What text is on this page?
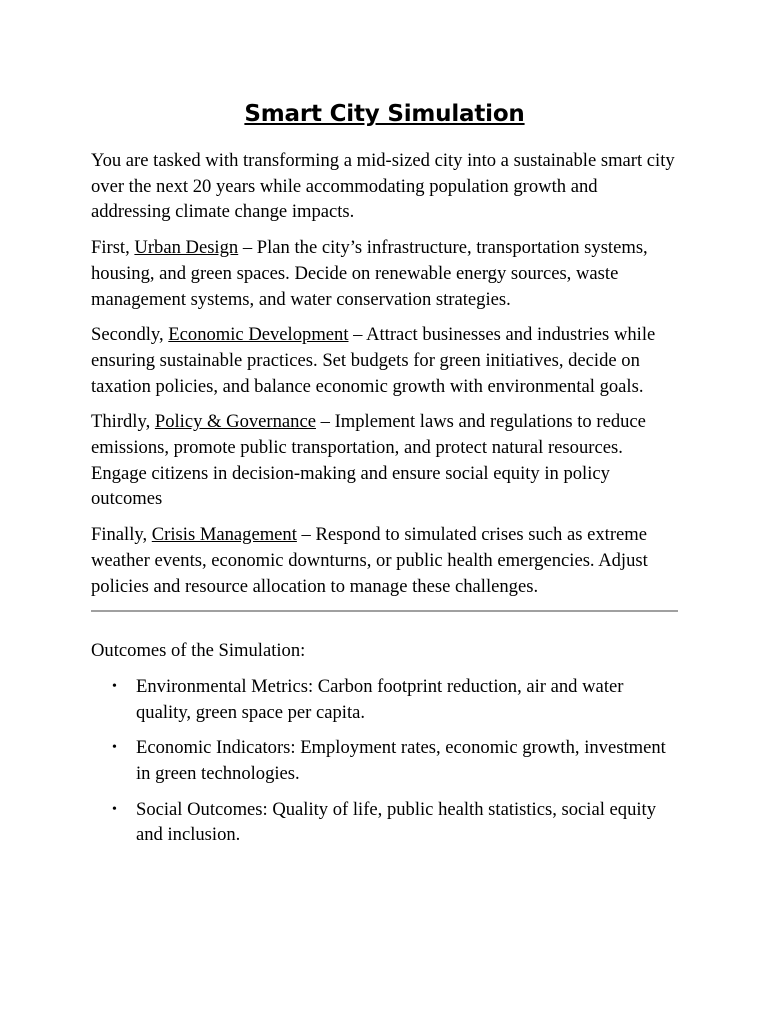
Smart City Simulation

You are tasked with transforming a mid-sized city into a sustainable smart city over the next 20 years while accommodating population growth and addressing climate change impacts.

First, Urban Design – Plan the city’s infrastructure, transportation systems, housing, and green spaces. Decide on renewable energy sources, waste management systems, and water conservation strategies.

Secondly, Economic Development – Attract businesses and industries while ensuring sustainable practices. Set budgets for green initiatives, decide on taxation policies, and balance economic growth with environmental goals.

Thirdly, Policy & Governance – Implement laws and regulations to reduce emissions, promote public transportation, and protect natural resources. Engage citizens in decision-making and ensure social equity in policy outcomes

Finally, Crisis Management – Respond to simulated crises such as extreme weather events, economic downturns, or public health emergencies. Adjust policies and resource allocation to manage these challenges.

Outcomes of the Simulation:

• Environmental Metrics: Carbon footprint reduction, air and water quality, green space per capita.
• Economic Indicators: Employment rates, economic growth, investment in green technologies.
• Social Outcomes: Quality of life, public health statistics, social equity and inclusion.
